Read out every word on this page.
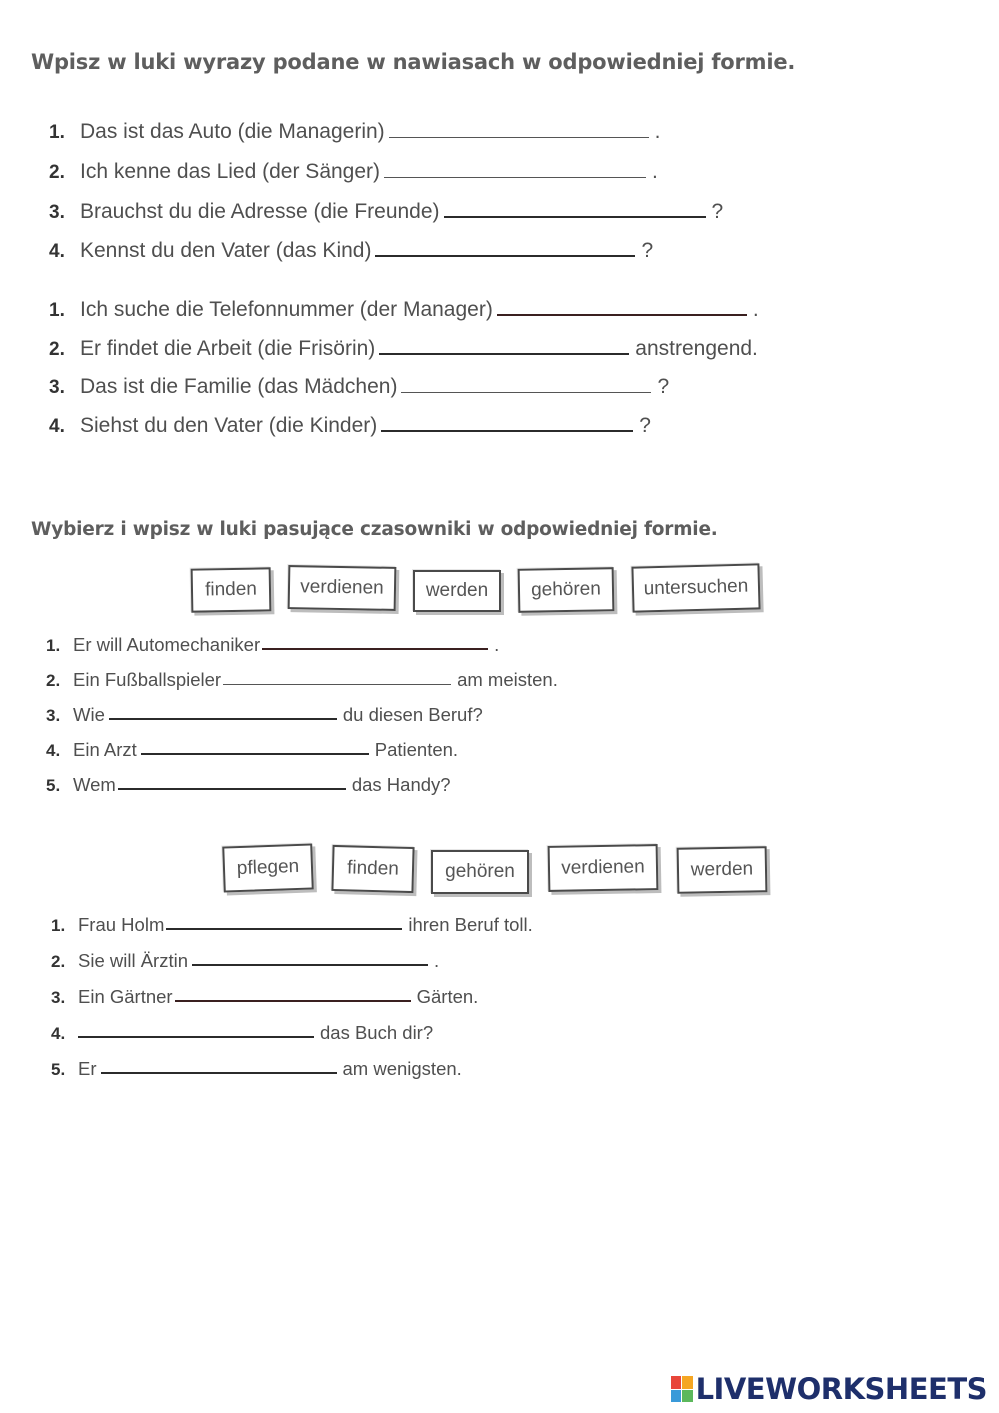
Wpisz w luki wyrazy podane w nawiasach w odpowiedniej formie.
1. Das ist das Auto (die Managerin)	.
2. Ich kenne das Lied (der Sänger)	.
3. Brauchst du die Adresse (die Freunde)	?
4. Kennst du den Vater (das Kind)	?
1. Ich suche die Telefonnummer (der Manager)	.
2. Er findet die Arbeit (die Frisörin)	anstrengend.
3. Das ist die Familie (das Mädchen)	?
4. Siehst du den Vater (die Kinder)	?
Wybierz i wpisz w luki pasujące czasowniki w odpowiedniej formie.
finden	verdienen	werden	gehören	untersuchen
1. Er will Automechaniker	.
2. Ein Fußballspieler	am meisten.
3. Wie	du diesen Beruf?
4. Ein Arzt	Patienten.
5. Wem	das Handy?
pflegen	finden	gehören	verdienen	werden
1. Frau Holm	ihren Beruf toll.
2. Sie will Ärztin	.
3. Ein Gärtner	Gärten.
4.	das Buch dir?
5. Er	am wenigsten.
LIVEWORKSHEETS
